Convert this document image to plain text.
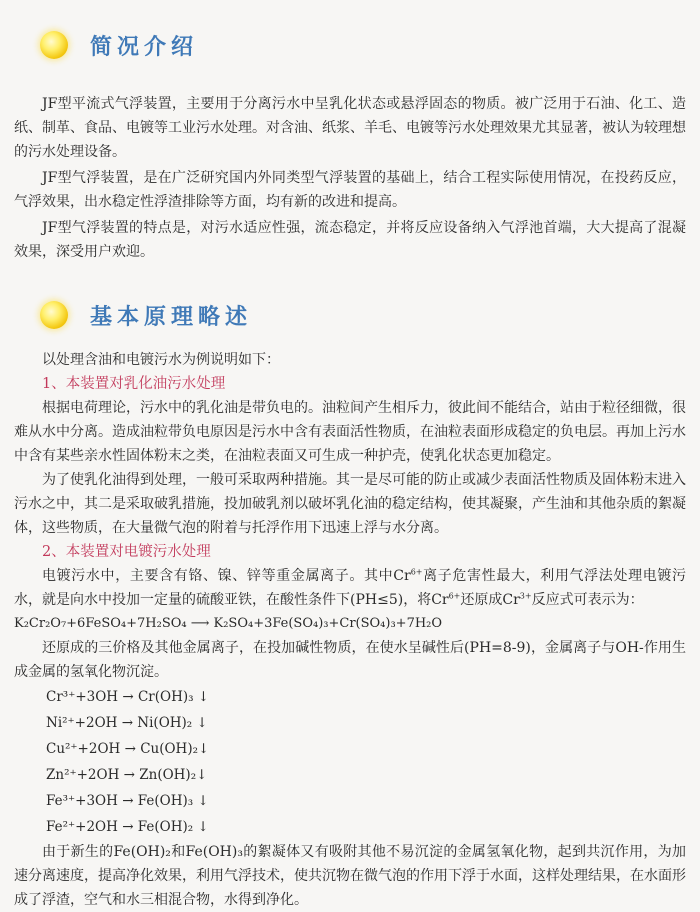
简况介绍

JF型平流式气浮装置，主要用于分离污水中呈乳化状态或悬浮固态的物质。被广泛用于石油、化工、造纸、制革、食品、电镀等工业污水处理。对含油、纸浆、羊毛、电镀等污水处理效果尤其显著，被认为较理想的污水处理设备。

JF型气浮装置，是在广泛研究国内外同类型气浮装置的基础上，结合工程实际使用情况，在投药反应，气浮效果，出水稳定性浮渣排除等方面，均有新的改进和提高。

JF型气浮装置的特点是，对污水适应性强，流态稳定，并将反应设备纳入气浮池首端，大大提高了混凝效果，深受用户欢迎。

基本原理略述

以处理含油和电镀污水为例说明如下：

1、本装置对乳化油污水处理

根据电荷理论，污水中的乳化油是带负电的。油粒间产生相斥力，彼此间不能结合，站由于粒径细微，很难从水中分离。造成油粒带负电原因是污水中含有表面活性物质，在油粒表面形成稳定的负电层。再加上污水中含有某些亲水性固体粉末之类，在油粒表面又可生成一种护壳，使乳化状态更加稳定。

为了使乳化油得到处理，一般可采取两种措施。其一是尽可能的防止或减少表面活性物质及固体粉末进入污水之中，其二是采取破乳措施，投加破乳剂以破坏乳化油的稳定结构，使其凝聚，产生油和其他杂质的絮凝体，这些物质，在大量微气泡的附着与托浮作用下迅速上浮与水分离。

2、本装置对电镀污水处理

电镀污水中，主要含有铬、镍、锌等重金属离子。其中$Cr^{6+}$离子危害性最大，利用气浮法处理电镀污水，就是向水中投加一定量的硫酸亚铁，在酸性条件下(PH≤5)，将$Cr^{6+}$还原成$Cr^{3+}$反应式可表示为：

K₂Cr₂O₇+6FeSO₄+7H₂SO₄ ⟶ K₂SO₄+3Fe(SO₄)₃+Cr(SO₄)₃+7H₂O

还原成的三价格及其他金属离子，在投加碱性物质，在使水呈碱性后(PH=8-9)，金属离子与OH-作用生成金属的氢氧化物沉淀。

Cr³⁺+3OH → Cr(OH)₃ ↓

Ni²⁺+2OH → Ni(OH)₂ ↓

Cu²⁺+2OH → Cu(OH)₂↓

Zn²⁺+2OH → Zn(OH)₂↓

Fe³⁺+3OH → Fe(OH)₃ ↓

Fe²⁺+2OH → Fe(OH)₂ ↓

由于新生的Fe(OH)₂和Fe(OH)₃的絮凝体又有吸附其他不易沉淀的金属氢氧化物，起到共沉作用，为加速分离速度，提高净化效果，利用气浮技术，使共沉物在微气泡的作用下浮于水面，这样处理结果，在水面形成了浮渣，空气和水三相混合物，水得到净化。
